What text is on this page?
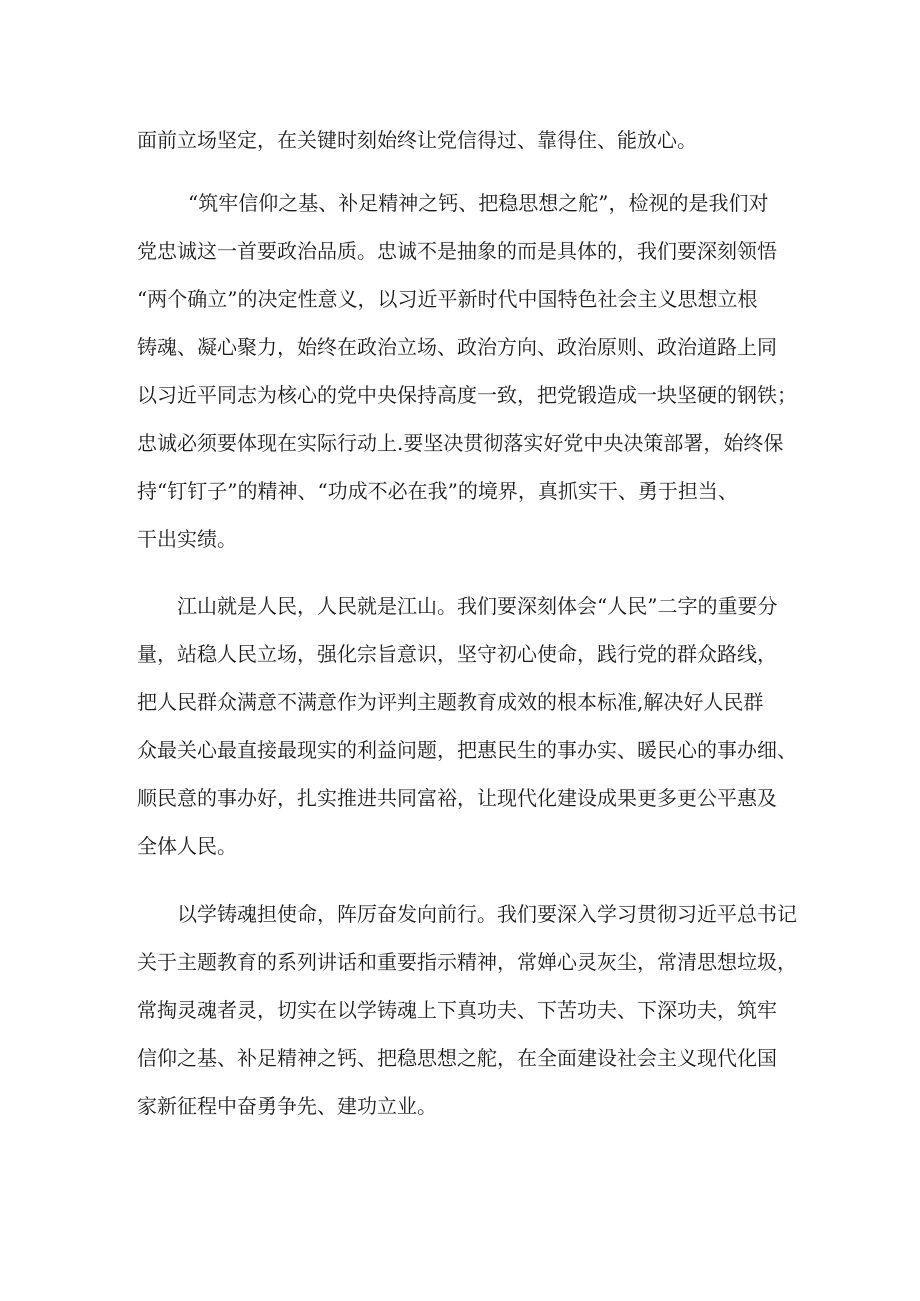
面前立场坚定，在关键时刻始终让党信得过、靠得住、能放心。

“筑牢信仰之基、补足精神之钙、把稳思想之舵”，检视的是我们对

党忠诚这一首要政治品质。忠诚不是抽象的而是具体的，我们要深刻领悟

“两个确立”的决定性意义，以习近平新时代中国特色社会主义思想立根

铸魂、凝心聚力，始终在政治立场、政治方向、政治原则、政治道路上同

以习近平同志为核心的党中央保持高度一致，把党锻造成一块坚硬的钢铁；

忠诚必须要体现在实际行动上.要坚决贯彻落实好党中央决策部署，始终保

持“钉钉子”的精神、“功成不必在我”的境界，真抓实干、勇于担当、

干出实绩。

江山就是人民，人民就是江山。我们要深刻体会“人民”二字的重要分

量，站稳人民立场，强化宗旨意识，坚守初心使命，践行党的群众路线，

把人民群众满意不满意作为评判主题教育成效的根本标准,解决好人民群

众最关心最直接最现实的利益问题，把惠民生的事办实、暖民心的事办细、

顺民意的事办好，扎实推进共同富裕，让现代化建设成果更多更公平惠及

全体人民。

以学铸魂担使命，阵厉奋发向前行。我们要深入学习贯彻习近平总书记

关于主题教育的系列讲话和重要指示精神，常婵心灵灰尘，常清思想垃圾，

常掏灵魂者灵，切实在以学铸魂上下真功夫、下苦功夫、下深功夫，筑牢

信仰之基、补足精神之钙、把稳思想之舵，在全面建设社会主义现代化国

家新征程中奋勇争先、建功立业。
